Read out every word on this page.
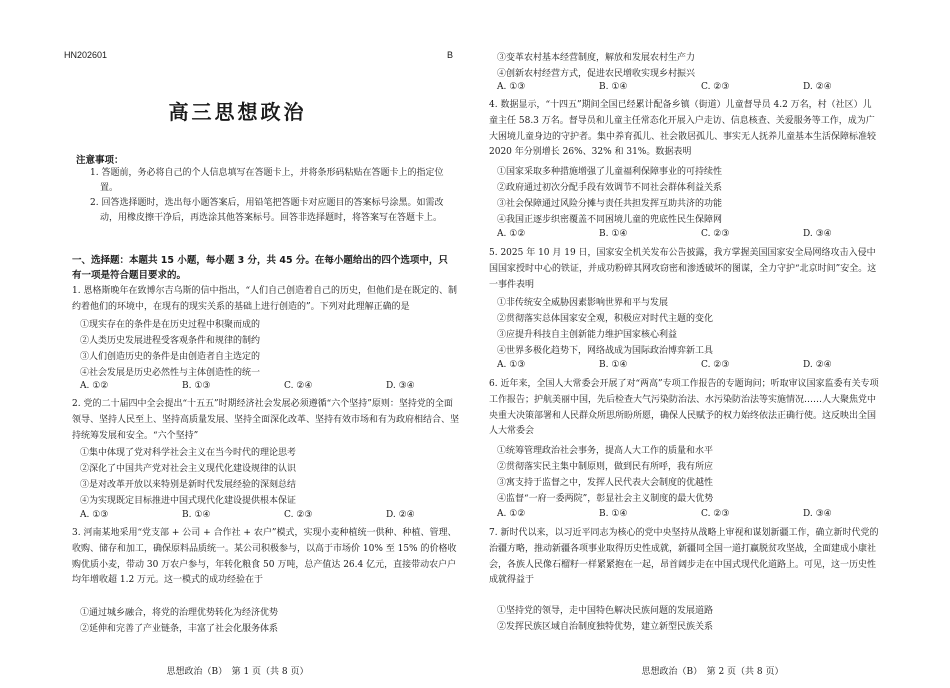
HN202601	B
高三思想政治
注意事项：
1. 答题前，务必将自己的个人信息填写在答题卡上，并将条形码粘贴在答题卡上的指定位置。
2. 回答选择题时，选出每小题答案后，用铅笔把答题卡对应题目的答案标号涂黑。如需改动，用橡皮擦干净后，再选涂其他答案标号。回答非选择题时，将答案写在答题卡上。
一、选择题：本题共 15 小题，每小题 3 分，共 45 分。在每小题给出的四个选项中，只有一项是符合题目要求的。
1. 恩格斯晚年在致博尔吉乌斯的信中指出，“人们自己创造着自己的历史，但他们是在既定的、制约着他们的环境中，在现有的现实关系的基础上进行创造的”。下列对此理解正确的是
①现实存在的条件是在历史过程中积聚而成的
②人类历史发展进程受客观条件和规律的制约
③人们创造历史的条件是由创造者自主选定的
④社会发展是历史必然性与主体创造性的统一
A. ①②	B. ①③	C. ②④	D. ③④
2. 党的二十届四中全会提出“十五五”时期经济社会发展必须遵循“六个坚持”原则：坚持党的全面领导、坚持人民至上、坚持高质量发展、坚持全面深化改革、坚持有效市场和有为政府相结合、坚持统筹发展和安全。“六个坚持”
①集中体现了党对科学社会主义在当今时代的理论思考
②深化了中国共产党对社会主义现代化建设规律的认识
③是对改革开放以来特别是新时代发展经验的深刻总结
④为实现既定目标推进中国式现代化建设提供根本保证
A. ①③	B. ①④	C. ②③	D. ②④
3. 河南某地采用“党支部 + 公司 + 合作社 + 农户”模式，实现小麦种植统一供种、种植、管理、收购、储存和加工，确保原料品质统一。某公司积极参与，以高于市场价 10% 至 15% 的价格收购优质小麦，带动 30 万农户参与，年转化粮食 50 万吨，总产值达 26.4 亿元，直接带动农户户均年增收超 1.2 万元。这一模式的成功经验在于
①通过城乡融合，将党的治理优势转化为经济优势
②延伸和完善了产业链条，丰富了社会化服务体系
思想政治（B）　第 1 页（共 8 页）
③变革农村基本经营制度，解放和发展农村生产力
④创新农村经营方式，促进农民增收实现乡村振兴
A. ①③	B. ①④	C. ②③	D. ②④
4. 数据显示，“十四五”期间全国已经累计配备乡镇（街道）儿童督导员 4.2 万名，村（社区）儿童主任 58.3 万名。督导员和儿童主任常态化开展入户走访、信息核查、关爱服务等工作，成为广大困境儿童身边的守护者。集中养育孤儿、社会散居孤儿、事实无人抚养儿童基本生活保障标准较 2020 年分别增长 26%、32% 和 31%。数据表明
①国家采取多种措施增强了儿童福利保障事业的可持续性
②政府通过初次分配手段有效调节不同社会群体利益关系
③社会保障通过风险分摊与责任共担发挥互助共济的功能
④我国正逐步织密覆盖不同困境儿童的兜底性民生保障网
A. ①②	B. ①④	C. ②③	D. ③④
5. 2025 年 10 月 19 日，国家安全机关发布公告披露，我方掌握美国国家安全局网络攻击入侵中国国家授时中心的铁证，并成功粉碎其网攻窃密和渗透破坏的图谋，全力守护“北京时间”安全。这一事件表明
①非传统安全威胁因素影响世界和平与发展
②贯彻落实总体国家安全观，积极应对时代主题的变化
③应提升科技自主创新能力维护国家核心利益
④世界多极化趋势下，网络战成为国际政治博弈新工具
A. ①③	B. ①④	C. ②③	D. ②④
6. 近年来，全国人大常委会开展了对“两高”专项工作报告的专题询问；听取审议国家监委有关专项工作报告；护航美丽中国，先后检查大气污染防治法、水污染防治法等实施情况……人大聚焦党中央重大决策部署和人民群众所思所盼所愿，确保人民赋予的权力始终依法正确行使。这反映出全国人大常委会
①统筹管理政治社会事务，提高人大工作的质量和水平
②贯彻落实民主集中制原则，做到民有所呼，我有所应
③寓支持于监督之中，发挥人民代表大会制度的优越性
④监督“一府一委两院”，彰显社会主义制度的最大优势
A. ①②	B. ①④	C. ②③	D. ③④
7. 新时代以来，以习近平同志为核心的党中央坚持从战略上审视和谋划新疆工作，确立新时代党的治疆方略，推动新疆各项事业取得历史性成就，新疆同全国一道打赢脱贫攻坚战，全面建成小康社会，各族人民像石榴籽一样紧紧抱在一起，昂首阔步走在中国式现代化道路上。可见，这一历史性成就得益于
①坚持党的领导，走中国特色解决民族问题的发展道路
②发挥民族区域自治制度独特优势，建立新型民族关系
思想政治（B）　第 2 页（共 8 页）
